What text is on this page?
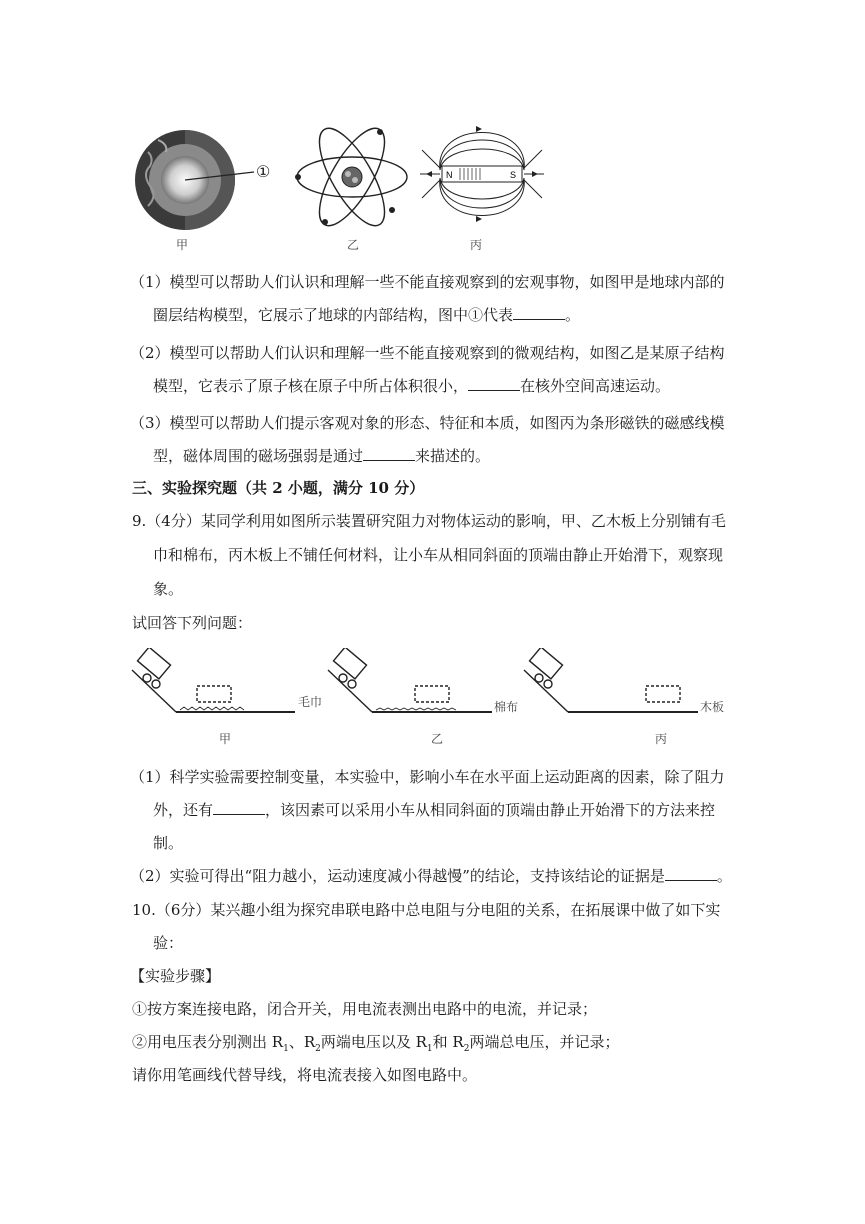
①
甲	乙
N	S
丙
（1）模型可以帮助人们认识和理解一些不能直接观察到的宏观事物，如图甲是地球内部的
圈层结构模型，它展示了地球的内部结构，图中①代表	。
（2）模型可以帮助人们认识和理解一些不能直接观察到的微观结构，如图乙是某原子结构
模型，它表示了原子核在原子中所占体积很小，	在核外空间高速运动。
（3）模型可以帮助人们提示客观对象的形态、特征和本质，如图丙为条形磁铁的磁感线模
型，磁体周围的磁场强弱是通过	来描述的。
三、实验探究题（共 2 小题，满分 10 分）
9.（4分）某同学利用如图所示装置研究阻力对物体运动的影响，甲、乙木板上分别铺有毛
巾和棉布，丙木板上不铺任何材料，让小车从相同斜面的顶端由静止开始滑下，观察现
象。
试回答下列问题：
毛巾	棉布	木板
甲	乙	丙
（1）科学实验需要控制变量，本实验中，影响小车在水平面上运动距离的因素，除了阻力
外，还有	，该因素可以采用小车从相同斜面的顶端由静止开始滑下的方法来控
制。
（2）实验可得出“阻力越小，运动速度减小得越慢”的结论，支持该结论的证据是	。
10.（6分）某兴趣小组为探究串联电路中总电阻与分电阻的关系，在拓展课中做了如下实
验：
【实验步骤】
①按方案连接电路，闭合开关，用电流表测出电路中的电流，并记录；
②用电压表分别测出 $R_1$、$R_2$两端电压以及 $R_1$和 $R_2$两端总电压，并记录；
请你用笔画线代替导线，将电流表接入如图电路中。
